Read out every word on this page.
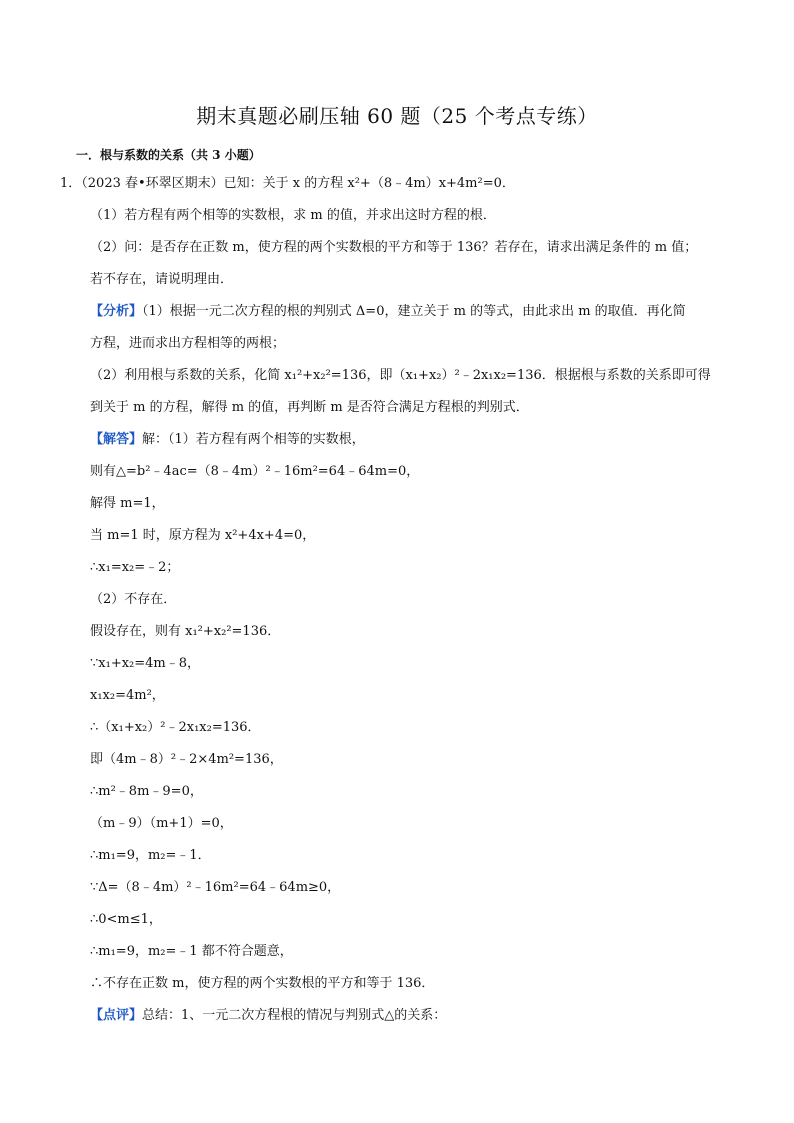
期末真题必刷压轴 60 题（25 个考点专练）
一．根与系数的关系（共 3 小题）
1．（2023 春•环翠区期末）已知：关于 x 的方程 x²+（8﹣4m）x+4m²=0．
（1）若方程有两个相等的实数根，求 m 的值，并求出这时方程的根．
（2）问：是否存在正数 m，使方程的两个实数根的平方和等于 136？若存在，请求出满足条件的 m 值；
若不存在，请说明理由．
【分析】（1）根据一元二次方程的根的判别式 Δ=0，建立关于 m 的等式，由此求出 m 的取值．再化简
方程，进而求出方程相等的两根；
（2）利用根与系数的关系，化简 x₁²+x₂²=136，即（x₁+x₂）²﹣2x₁x₂=136．根据根与系数的关系即可得
到关于 m 的方程，解得 m 的值，再判断 m 是否符合满足方程根的判别式．
【解答】解：（1）若方程有两个相等的实数根，
则有△=b²﹣4ac=（8﹣4m）²﹣16m²=64﹣64m=0，
解得 m=1，
当 m=1 时，原方程为 x²+4x+4=0，
∴x₁=x₂=﹣2；
（2）不存在．
假设存在，则有 x₁²+x₂²=136．
∵x₁+x₂=4m﹣8，
x₁x₂=4m²，
∴（x₁+x₂）²﹣2x₁x₂=136．
即（4m﹣8）²﹣2×4m²=136，
∴m²﹣8m﹣9=0，
（m﹣9）（m+1）=0，
∴m₁=9，m₂=﹣1．
∵Δ=（8﹣4m）²﹣16m²=64﹣64m≥0，
∴0<m≤1，
∴m₁=9，m₂=﹣1 都不符合题意，
∴不存在正数 m，使方程的两个实数根的平方和等于 136．
【点评】总结：1、一元二次方程根的情况与判别式△的关系：
